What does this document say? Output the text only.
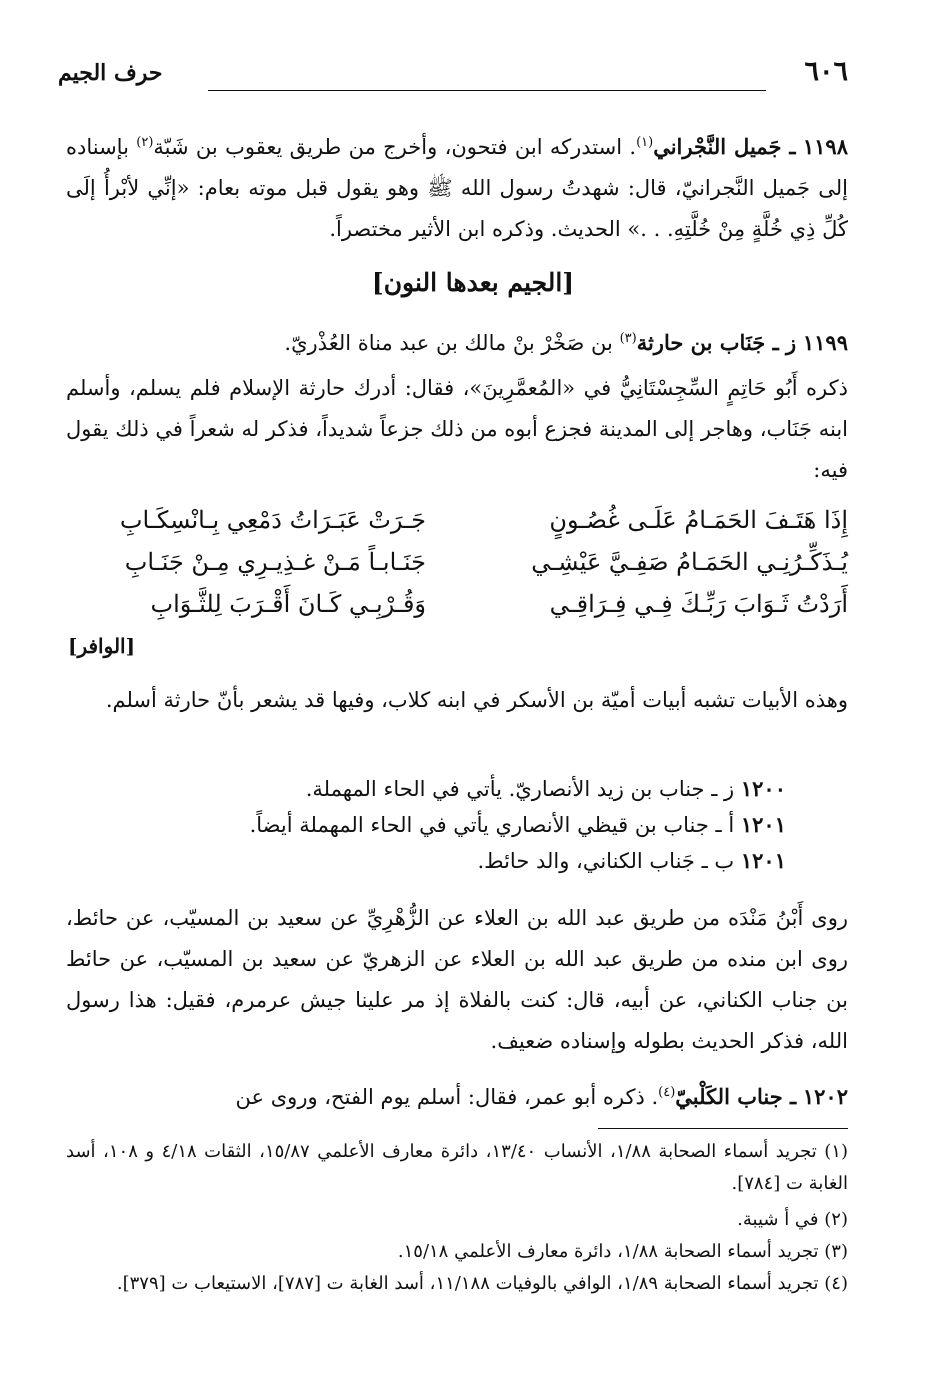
٦٠٦
حرف الجيم

١١٩٨ ـ جَميل النَّجْراني$^{(١)}$. استدركه ابن فتحون، وأخرج من طريق يعقوب بن شَبّة$^{(٢)}$ بإسناده إلى جَميل النَّجرانيّ، قال: شهدتُ رسول الله ﷺ وهو يقول قبل موته بعام: «إنِّي لأبْرأُ إلَى كُلِّ ذِي خُلَّةٍ مِنْ خُلَّتِهِ. . .» الحديث. وذكره ابن الأثير مختصراً.

[الجيم بعدها النون]

١١٩٩ ز ـ جَنَاب بن حارثة$^{(٣)}$ بن صَخْرْ بنْ مالك بن عبد مناة العُذْريّ.

ذكره أَبُو حَاتِمٍ السِّجِسْتَانِيُّ في «المُعمَّرِينَ»، فقال: أدرك حارثة الإسلام فلم يسلم، وأسلم ابنه جَنَاب، وهاجر إلى المدينة فجزع أبوه من ذلك جزعاً شديداً، فذكر له شعراً في ذلك يقول فيه:

إِذَا هَتَـفَ الحَمَـامُ عَلَـى غُصُـونٍ
جَـرَتْ عَبَـرَاتُ دَمْعِي بِـانْسِكَـابِ
يُـذَكِّـرُنِـي الحَمَـامُ صَفِـيَّ عَيْشِـي
جَنَـابـاً مَـنْ غـذِيـرِي مِـنْ جَنَـابِ
أَرَدْتُ ثَـوَابَ رَبِّـكَ فِـي فِـرَاقِـي
وَقُـرْبِـي كَـانَ أَقْـرَبَ لِلثَّـوَابِ
[الوافر]

وهذه الأبيات تشبه أبيات أميّة بن الأسكر في ابنه كلاب، وفيها قد يشعر بأنّ حارثة أسلم.

١٢٠٠ ز ـ جناب بن زيد الأنصاريّ. يأتي في الحاء المهملة.
١٢٠١ أ ـ جناب بن قيظي الأنصاري يأتي في الحاء المهملة أيضاً.
١٢٠١ ب ـ جَناب الكناني، والد حائط.

روى أَبْنُ مَنْدَه من طريق عبد الله بن العلاء عن الزُّهْرِيِّ عن سعيد بن المسيّب، عن حائط، روى ابن منده من طريق عبد الله بن العلاء عن الزهريّ عن سعيد بن المسيّب، عن حائط بن جناب الكناني، عن أبيه، قال: كنت بالفلاة إذ مر علينا جيش عرمرم، فقيل: هذا رسول الله، فذكر الحديث بطوله وإسناده ضعيف.

١٢٠٢ ـ جناب الكَلْبيّ$^{(٤)}$. ذكره أبو عمر، فقال: أسلم يوم الفتح، وروى عن

(١) تجريد أسماء الصحابة ١/٨٨، الأنساب ١٣/٤٠، دائرة معارف الأعلمي ١٥/٨٧، الثقات ٤/١٨ و ١٠٨، أسد الغابة ت [٧٨٤].

(٢) في أ شيبة.

(٣) تجريد أسماء الصحابة ١/٨٨، دائرة معارف الأعلمي ١٥/١٨.

(٤) تجريد أسماء الصحابة ١/٨٩، الوافي بالوفيات ١١/١٨٨، أسد الغابة ت [٧٨٧]، الاستيعاب ت [٣٧٩].
